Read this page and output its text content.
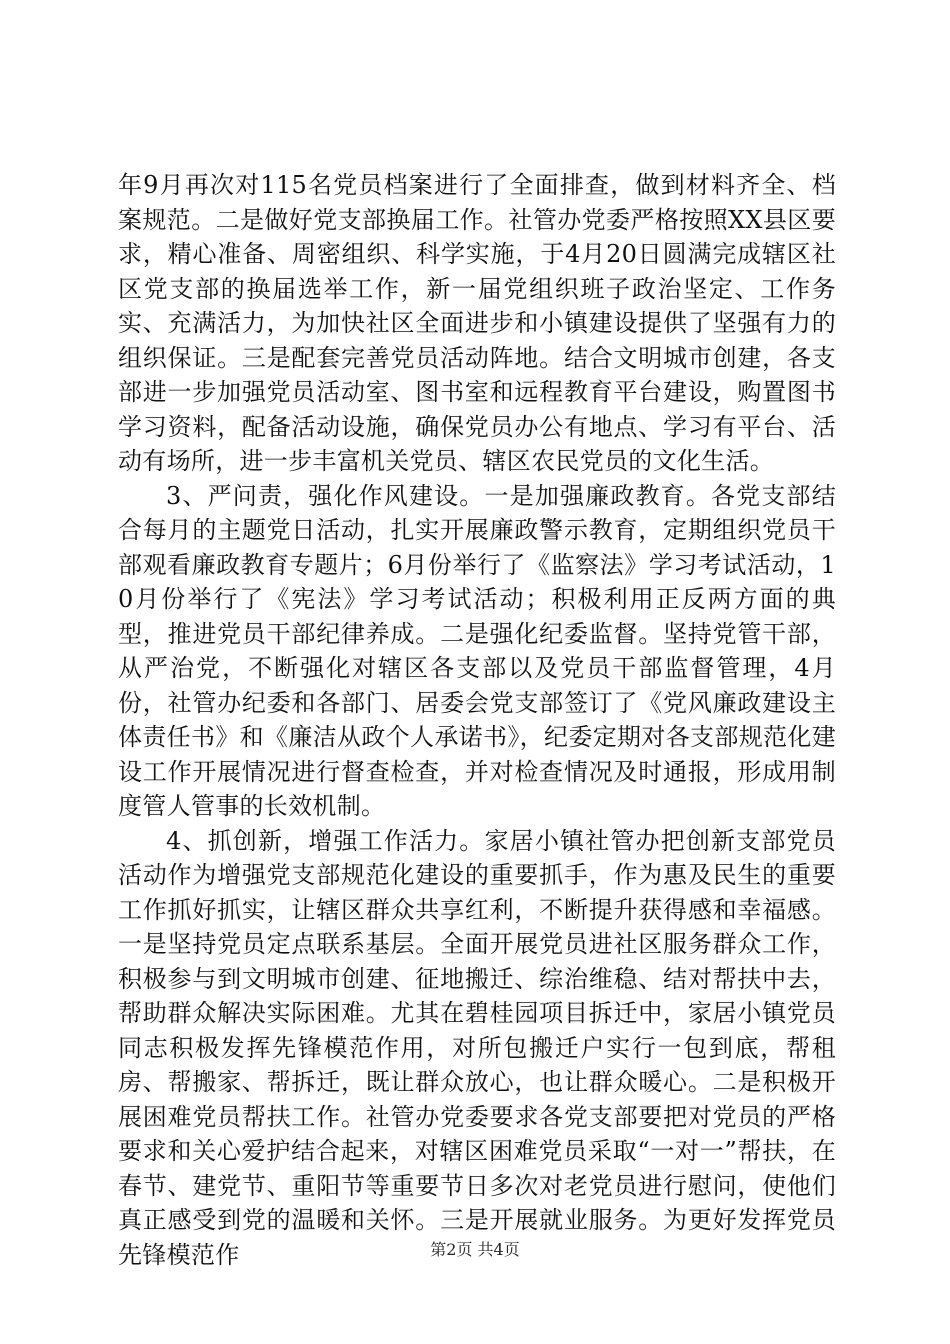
年9月再次对115名党员档案进行了全面排查，做到材料齐全、档案规范。二是做好党支部换届工作。社管办党委严格按照XX县区要求，精心准备、周密组织、科学实施，于4月20日圆满完成辖区社区党支部的换届选举工作，新一届党组织班子政治坚定、工作务实、充满活力，为加快社区全面进步和小镇建设提供了坚强有力的组织保证。三是配套完善党员活动阵地。结合文明城市创建，各支部进一步加强党员活动室、图书室和远程教育平台建设，购置图书学习资料，配备活动设施，确保党员办公有地点、学习有平台、活动有场所，进一步丰富机关党员、辖区农民党员的文化生活。

3、严问责，强化作风建设。一是加强廉政教育。各党支部结合每月的主题党日活动，扎实开展廉政警示教育，定期组织党员干部观看廉政教育专题片；6月份举行了《监察法》学习考试活动，10月份举行了《宪法》学习考试活动；积极利用正反两方面的典型，推进党员干部纪律养成。二是强化纪委监督。坚持党管干部，从严治党，不断强化对辖区各支部以及党员干部监督管理，4月份，社管办纪委和各部门、居委会党支部签订了《党风廉政建设主体责任书》和《廉洁从政个人承诺书》，纪委定期对各支部规范化建设工作开展情况进行督查检查，并对检查情况及时通报，形成用制度管人管事的长效机制。

4、抓创新，增强工作活力。家居小镇社管办把创新支部党员活动作为增强党支部规范化建设的重要抓手，作为惠及民生的重要工作抓好抓实，让辖区群众共享红利，不断提升获得感和幸福感。一是坚持党员定点联系基层。全面开展党员进社区服务群众工作，积极参与到文明城市创建、征地搬迁、综治维稳、结对帮扶中去，帮助群众解决实际困难。尤其在碧桂园项目拆迁中，家居小镇党员同志积极发挥先锋模范作用，对所包搬迁户实行一包到底，帮租房、帮搬家、帮拆迁，既让群众放心，也让群众暖心。二是积极开展困难党员帮扶工作。社管办党委要求各党支部要把对党员的严格要求和关心爱护结合起来，对辖区困难党员采取“一对一”帮扶，在春节、建党节、重阳节等重要节日多次对老党员进行慰问，使他们真正感受到党的温暖和关怀。三是开展就业服务。为更好发挥党员先锋模范作	第2页 共4页
